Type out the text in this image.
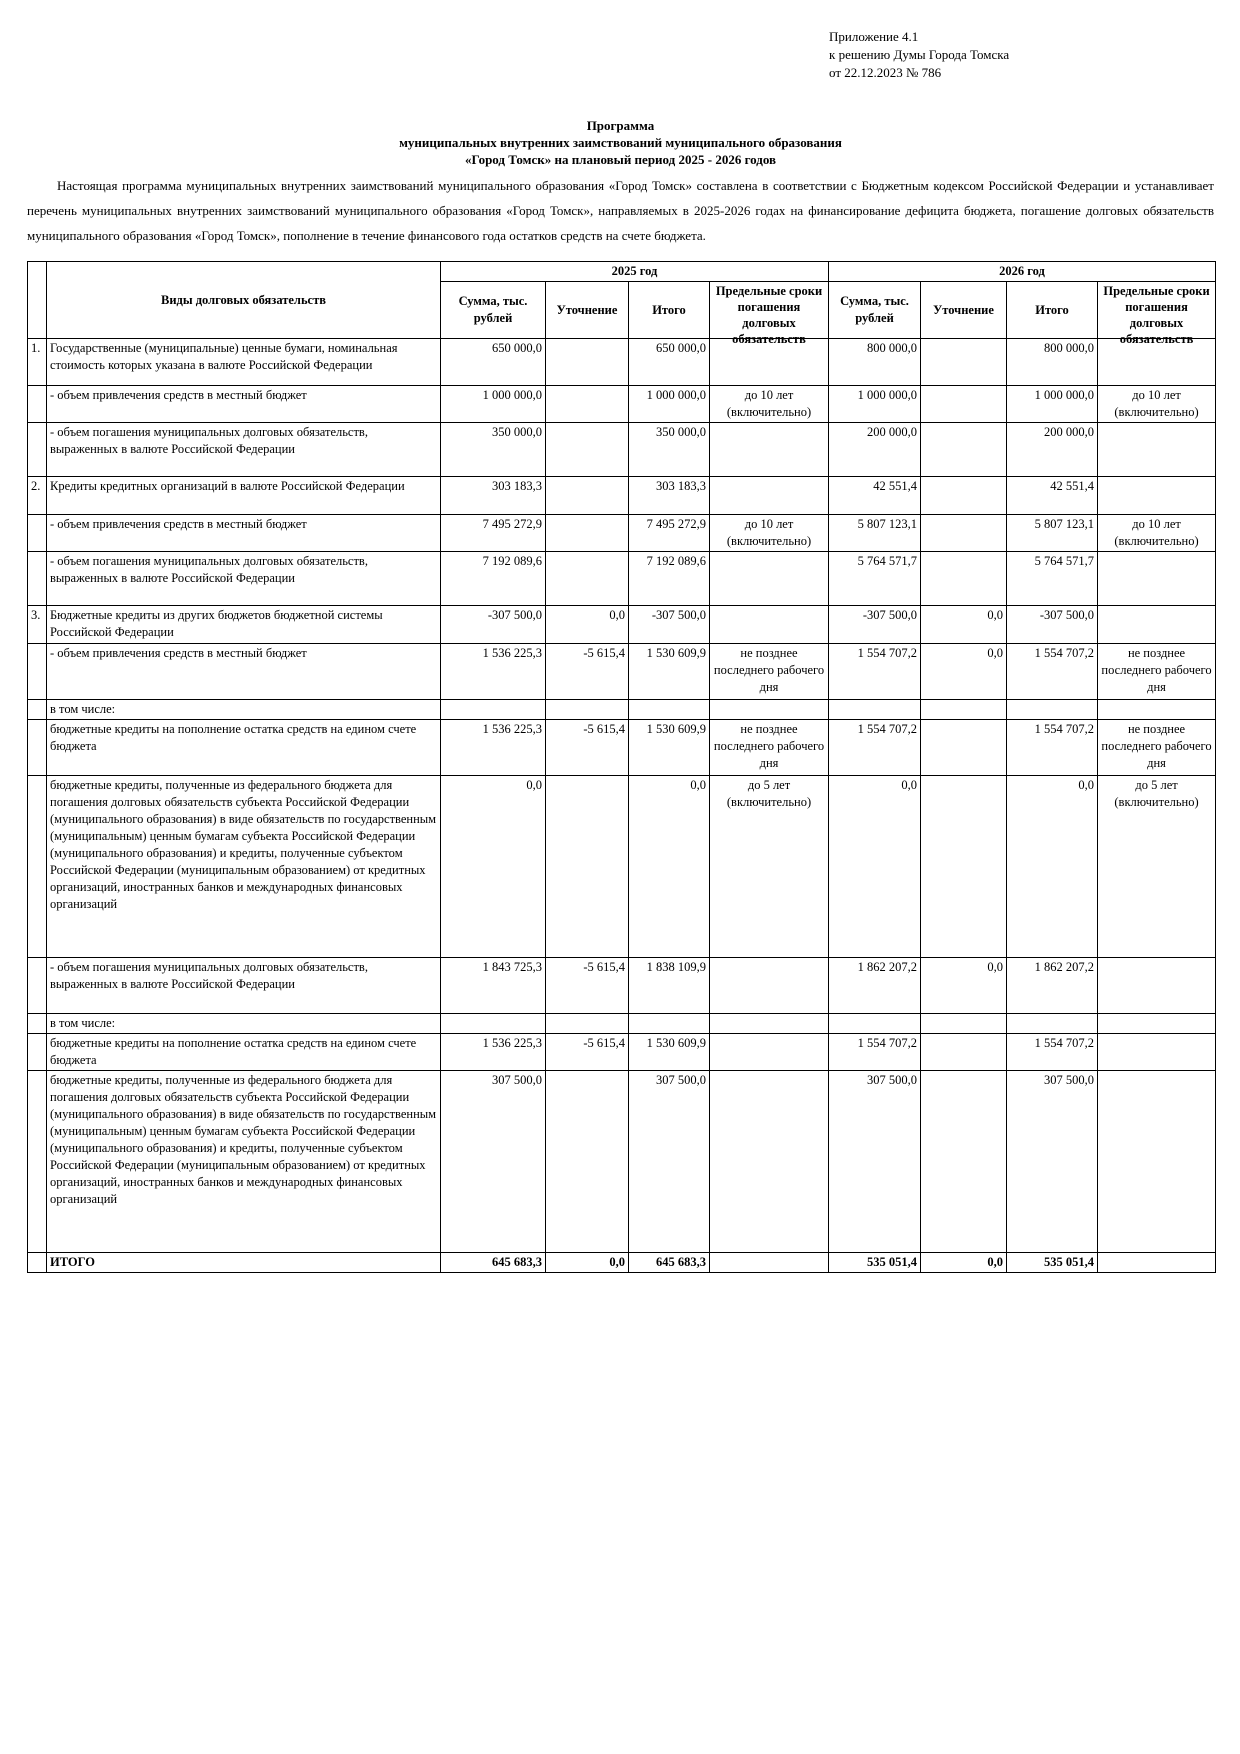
Приложение 4.1
к решению Думы Города Томска
от 22.12.2023 № 786
Программа
муниципальных внутренних заимствований муниципального образования
«Город Томск» на плановый период 2025 - 2026 годов

Настоящая программа муниципальных внутренних заимствований муниципального образования «Город Томск» составлена в соответствии с Бюджетным кодексом Российской Федерации и устанавливает перечень муниципальных внутренних заимствований муниципального образования «Город Томск», направляемых в 2025-2026 годах на финансирование дефицита бюджета, погашение долговых обязательств муниципального образования «Город Томск», пополнение в течение финансового года остатков средств на счете бюджета.

	Виды долговых обязательств	2025 год				2026 год			
		Сумма, тыс. рублей	Уточнение	Итого	Предельные сроки погашения долговых обязательств	Сумма, тыс. рублей	Уточнение	Итого	Предельные сроки погашения долговых обязательств

1.	Государственные (муниципальные) ценные бумаги, номинальная стоимость которых указана в валюте Российской Федерации	650 000,0		650 000,0		800 000,0		800 000,0	
	- объем привлечения средств в местный бюджет	1 000 000,0		1 000 000,0	до 10 лет (включительно)	1 000 000,0		1 000 000,0	до 10 лет (включительно)
	- объем погашения муниципальных долговых обязательств, выраженных в валюте Российской Федерации	350 000,0		350 000,0		200 000,0		200 000,0	
2.	Кредиты кредитных организаций в валюте Российской Федерации	303 183,3		303 183,3		42 551,4		42 551,4	
	- объем привлечения средств в местный бюджет	7 495 272,9		7 495 272,9	до 10 лет (включительно)	5 807 123,1		5 807 123,1	до 10 лет (включительно)
	- объем погашения муниципальных долговых обязательств, выраженных в валюте Российской Федерации	7 192 089,6		7 192 089,6		5 764 571,7		5 764 571,7	
3.	Бюджетные кредиты из других бюджетов бюджетной системы Российской Федерации	-307 500,0	0,0	-307 500,0		-307 500,0	0,0	-307 500,0	
	- объем привлечения средств в местный бюджет	1 536 225,3	-5 615,4	1 530 609,9	не позднее последнего рабочего дня	1 554 707,2	0,0	1 554 707,2	не позднее последнего рабочего дня
	в том числе:								
	бюджетные кредиты на пополнение остатка средств на едином счете бюджета	1 536 225,3	-5 615,4	1 530 609,9	не позднее последнего рабочего дня	1 554 707,2		1 554 707,2	не позднее последнего рабочего дня
	бюджетные кредиты, полученные из федерального бюджета для погашения долговых обязательств субъекта Российской Федерации (муниципального образования) в виде обязательств по государственным (муниципальным) ценным бумагам субъекта Российской Федерации (муниципального образования) и кредиты, полученные субъектом Российской Федерации (муниципальным образованием) от кредитных организаций, иностранных банков и международных финансовых организаций	0,0		0,0	до 5 лет (включительно)	0,0		0,0	до 5 лет (включительно)
	- объем погашения муниципальных долговых обязательств, выраженных в валюте Российской Федерации	1 843 725,3	-5 615,4	1 838 109,9		1 862 207,2	0,0	1 862 207,2	
	в том числе:								
	бюджетные кредиты на пополнение остатка средств на едином счете бюджета	1 536 225,3	-5 615,4	1 530 609,9		1 554 707,2		1 554 707,2	
	бюджетные кредиты, полученные из федерального бюджета для погашения долговых обязательств субъекта Российской Федерации (муниципального образования) в виде обязательств по государственным (муниципальным) ценным бумагам субъекта Российской Федерации (муниципального образования) и кредиты, полученные субъектом Российской Федерации (муниципальным образованием) от кредитных организаций, иностранных банков и международных финансовых организаций	307 500,0		307 500,0		307 500,0		307 500,0	
	ИТОГО	645 683,3	0,0	645 683,3		535 051,4	0,0	535 051,4	
